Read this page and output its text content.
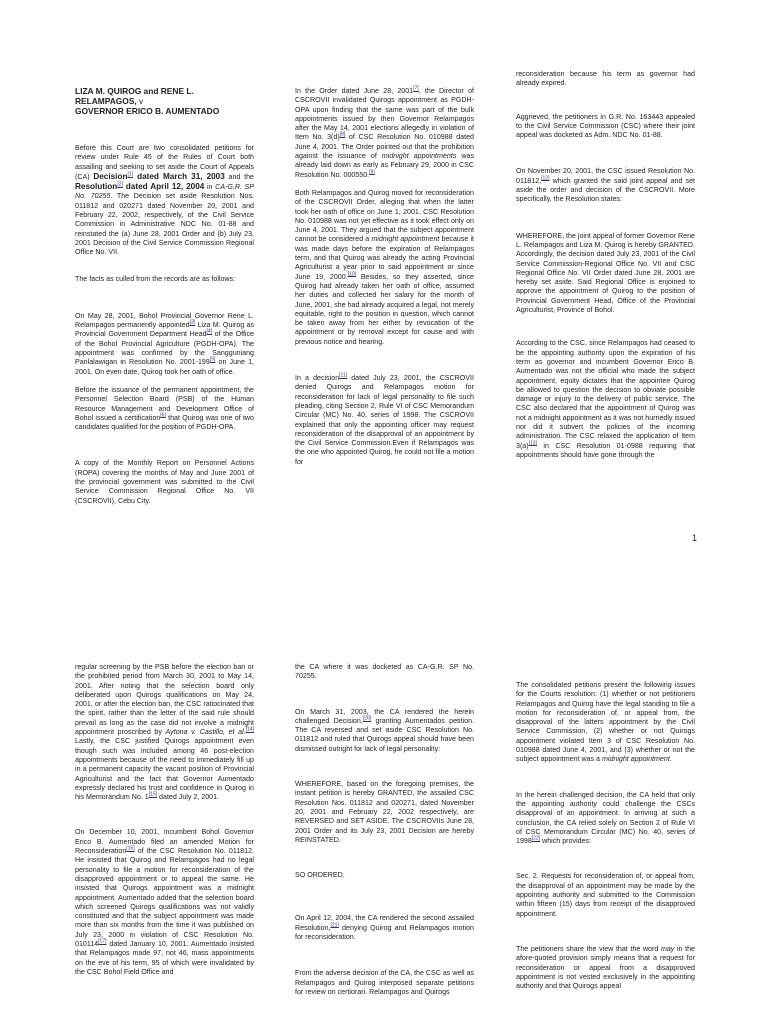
LIZA M. QUIROG and RENE L. RELAMPAGOS, v
GOVERNOR ERICO B. AUMENTADO

Before this Court are two consolidated petitions for review under Rule 45 of the Rules of Court both assailing and seeking to set aside the Court of Appeals (CA) Decision[1] dated March 31, 2003 and the Resolution[2] dated April 12, 2004 in CA-G.R. SP No. 70255. The Decision set aside Resolution Nos. 011812 and 020271 dated November 20, 2001 and February 22, 2002, respectively, of the Civil Service Commission in Administrative NDC No. 01-88 and reinstated the (a) June 28, 2001 Order and (b) July 23, 2001 Decision of the Civil Service Commission Regional Office No. VII.

The facts as culled from the records are as follows:

On May 28, 2001, Bohol Provincial Governor Rene L. Relampagos permanently appointed[3] Liza M. Quirog as Provincial Government Department Head[4] of the Office of the Bohol Provincial Agriculture (PGDH-OPA). The appointment was confirmed by the Sangguniang Panlalawigan in Resolution No. 2001-199[5] on June 1, 2001. On even date, Quirog took her oath of office.

Before the issuance of the permanent appointment, the Personnel Selection Board (PSB) of the Human Resource Management and Development Office of Bohol issued a certification[6] that Quirog was one of two candidates qualified for the position of PGDH-OPA.

A copy of the Monthly Report on Personnel Actions (ROPA) covering the months of May and June 2001 of the provincial government was submitted to the Civil Service Commission Regional Office No. VII (CSCROVII), Cebu City.

In the Order dated June 28, 2001[7], the Director of CSCROVII invalidated Quirogs appointment as PGDH-OPA upon finding that the same was part of the bulk appointments issued by then Governor Relampagos after the May 14, 2001 elections allegedly in violation of Item No. 3(d)[8] of CSC Resolution No. 010988 dated June 4, 2001. The Order pointed out that the prohibition against the issuance of midnight appointments was already laid down as early as February 29, 2000 in CSC Resolution No. 000550.[9]

Both Relampagos and Quirog moved for reconsideration of the CSCROVII Order, alleging that when the latter took her oath of office on June 1, 2001, CSC Resolution No. 010988 was not yet effective as it took effect only on June 4, 2001. They argued that the subject appointment cannot be considered a midnight appointment because it was made days before the expiration of Relampagos term, and that Quirog was already the acting Provincial Agriculturist a year prior to said appointment or since June 19, 2000.[10] Besides, so they asserted, since Quirog had already taken her oath of office, assumed her duties and collected her salary for the month of June, 2001, she had already acquired a legal, not merely equitable, right to the position in question, which cannot be taken away from her either by revocation of the appointment or by removal except for cause and with previous notice and hearing.

In a decision[11] dated July 23, 2001, the CSCROVII denied Quirogs and Relampagos motion for reconsideration for lack of legal personality to file such pleading, citing Section 2, Rule VI of CSC Memorandum Circular (MC) No. 40, series of 1998. The CSCROVII explained that only the appointing officer may request reconsideration of the disapproval of an appointment by the Civil Service Commission.Even if Relampagos was the one who appointed Quirog, he could not file a motion for

reconsideration because his term as governor had already expired.

Aggrieved, the petitioners in G.R. No. 163443 appealed to the Civil Service Commission (CSC) where their joint appeal was docketed as Adm. NDC No. 01-88.

On November 20, 2001, the CSC issued Resolution No. 011812,[12] which granted the said joint appeal and set aside the order and decision of the CSCROVII. More specifically, the Resolution states:

WHEREFORE, the joint appeal of former Governor Rene L. Relampagos and Liza M. Quirog is hereby GRANTED. Accordingly, the decision dated July 23, 2001 of the Civil Service Commission-Regional Office No. VII and CSC Regional Office No. VII Order dated June 28, 2001 are hereby set aside. Said Regional Office is enjoined to approve the appointment of Quirog to the position of Provincial Government Head, Office of the Provincial Agriculturist, Province of Bohol.

According to the CSC, since Relampagos had ceased to be the appointing authority upon the expiration of his term as governor and incumbent Governor Erico B. Aumentado was not the official who made the subject appointment, equity dictates that the appointee Quirog be allowed to question the decision to obviate possible damage or injury to the delivery of public service. The CSC also declared that the appointment of Quirog was not a midnight appointment as it was not hurriedly issued nor did it subvert the policies of the incoming administration. The CSC relaxed the application of Item 3(a)[13] in CSC Resolution 01-0988 requiring that appointments should have gone through the

1

regular screening by the PSB before the election ban or the prohibited period from March 30, 2001 to May 14, 2001. After noting that the selection board only deliberated upon Quirogs qualifications on May 24, 2001, or after the election ban, the CSC ratiocinated that the spirit, rather than the letter of the said rule should prevail as long as the case did not involve a midnight appointment proscribed by Aytona v. Castillo, et al.[14] Lastly, the CSC justified Quirogs appointment even though such was included among 46 post-election appointments because of the need to immediately fill up in a permanent capacity the vacant position of Provincial Agriculturist and the fact that Governor Aumentado expressly declared his trust and confidence in Quirog in his Memorandum No. 1[15] dated July 2, 2001.

On December 10, 2001, incumbent Bohol Governor Erico B. Aumentado filed an amended Motion for Reconsideration[16] of the CSC Resolution No. 011812. He insisted that Quirog and Relampagos had no legal personality to file a motion for reconsideration of the disapproved appointment or to appeal the same. He insisted that Quirogs appointment was a midnight appointment. Aumentado added that the selection board which screened Quirogs qualifications was not validly constituted and that the subject appointment was made more than six months from the time it was published on July 23, 2000 in violation of CSC Resolution No. 010114[17] dated January 10, 2001. Aumentado insisted that Relampagos made 97, not 46, mass appointments on the eve of his term, 95 of which were invalidated by the CSC Bohol Field Office and

the CA where it was docketed as CA-G.R. SP No. 70255.

On March 31, 2003, the CA rendered the herein challenged Decision,[20] granting Aumentados petition. The CA reversed and set aside CSC Resolution No. 011812 and ruled that Quirogs appeal should have been dismissed outright for lack of legal personality:

WHEREFORE, based on the foregoing premises, the instant petition is hereby GRANTED, the assailed CSC Resolution Nos. 011812 and 020271, dated November 20, 2001 and February 22, 2002 respectively, are REVERSED and SET ASIDE. The CSCROVIIs June 28, 2001 Order and its July 23, 2001 Decision are hereby REINSTATED.

SO ORDERED.

On April 12, 2004, the CA rendered the second assailed Resolution,[21] denying Quirog and Relampagos motion for reconsideration.

From the adverse decision of the CA, the CSC as well as Relampagos and Quirog interposed separate petitions for review on certiorari. Relampagos and Quirogs

The consolidated petitions present the following issues for the Courts resolution: (1) whether or not petitioners Relampagos and Quirog have the legal standing to file a motion for reconsideration of, or appeal from, the disapproval of the latters appointment by the Civil Service Commission, (2) whether or not Quirogs appointment violated Item 3 of CSC Resolution No. 010988 dated June 4, 2001, and (3) whether or not the subject appointment was a midnight appointment.

In the herein challenged decision, the CA held that only the appointing authority could challenge the CSCs disapproval of an appointment. In arriving at such a conclusion, the CA relied solely on Section 2 of Rule VI of CSC Memorandum Circular (MC) No. 40, series of 1998[22] which provides:

Sec. 2. Requests for reconsideration of, or appeal from, the disapproval of an appointment may be made by the appointing authority and submitted to the Commission within fifteen (15) days from receipt of the disapproved appointment.

The petitioners share the view that the word may in the afore-quoted provision simply means that a request for reconsideration or appeal from a disapproved appointment is not vested exclusively in the appointing authority and that Quirogs appeal
